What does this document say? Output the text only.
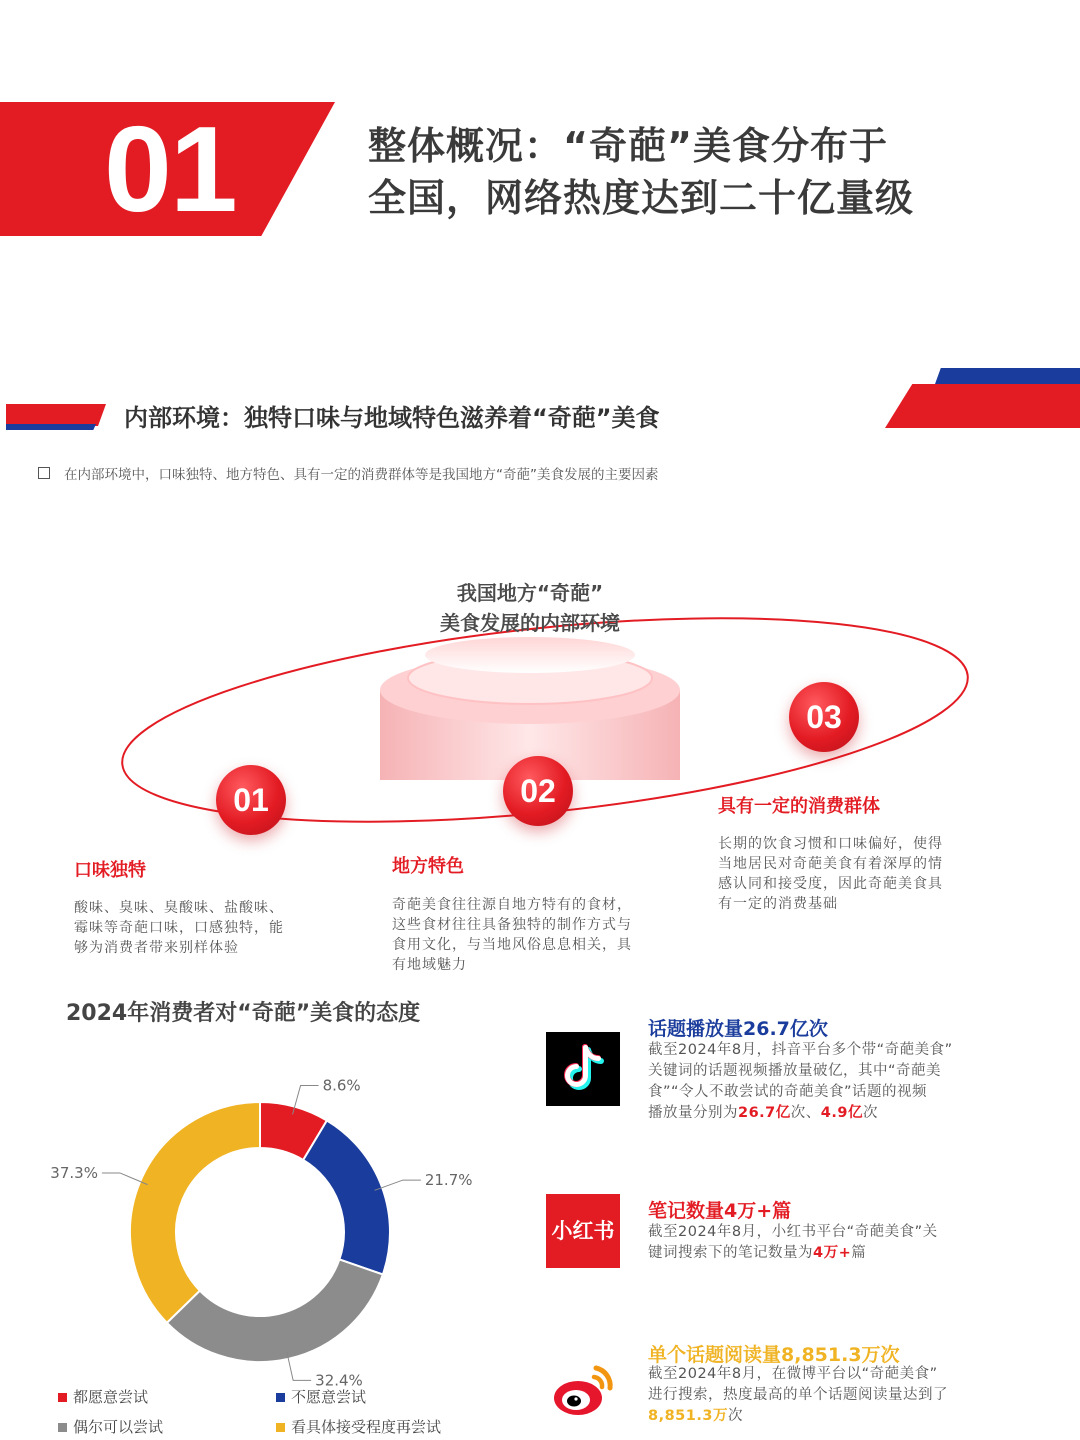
01	整体概况：“奇葩”美食分布于
全国，网络热度达到二十亿量级
内部环境：独特口味与地域特色滋养着“奇葩”美食
在内部环境中，口味独特、地方特色、具有一定的消费群体等是我国地方“奇葩”美食发展的主要因素
我国地方“奇葩”
美食发展的内部环境
01	02
03
口味独特
酸味、臭味、臭酸味、盐酸味、
霉味等奇葩口味，口感独特，能
够为消费者带来别样体验
地方特色
奇葩美食往往源自地方特有的食材，
这些食材往往具备独特的制作方式与
食用文化，与当地风俗息息相关，具
有地域魅力
具有一定的消费群体
长期的饮食习惯和口味偏好，使得
当地居民对奇葩美食有着深厚的情
感认同和接受度，因此奇葩美食具
有一定的消费基础
2024年消费者对“奇葩”美食的态度
8.6%
21.7%
32.4%
37.3%
都愿意尝试	不愿意尝试
偶尔可以尝试	看具体接受程度再尝试
话题播放量26.7亿次
截至2024年8月，抖音平台多个带“奇葩美食”
关键词的话题视频播放量破亿，其中“奇葩美
食”“令人不敢尝试的奇葩美食”话题的视频
播放量分别为26.7亿次、4.9亿次
小红书
笔记数量4万+篇
截至2024年8月，小红书平台“奇葩美食”关
键词搜索下的笔记数量为4万+篇
单个话题阅读量8,851.3万次
截至2024年8月，在微博平台以“奇葩美食”
进行搜索，热度最高的单个话题阅读量达到了
8,851.3万次
